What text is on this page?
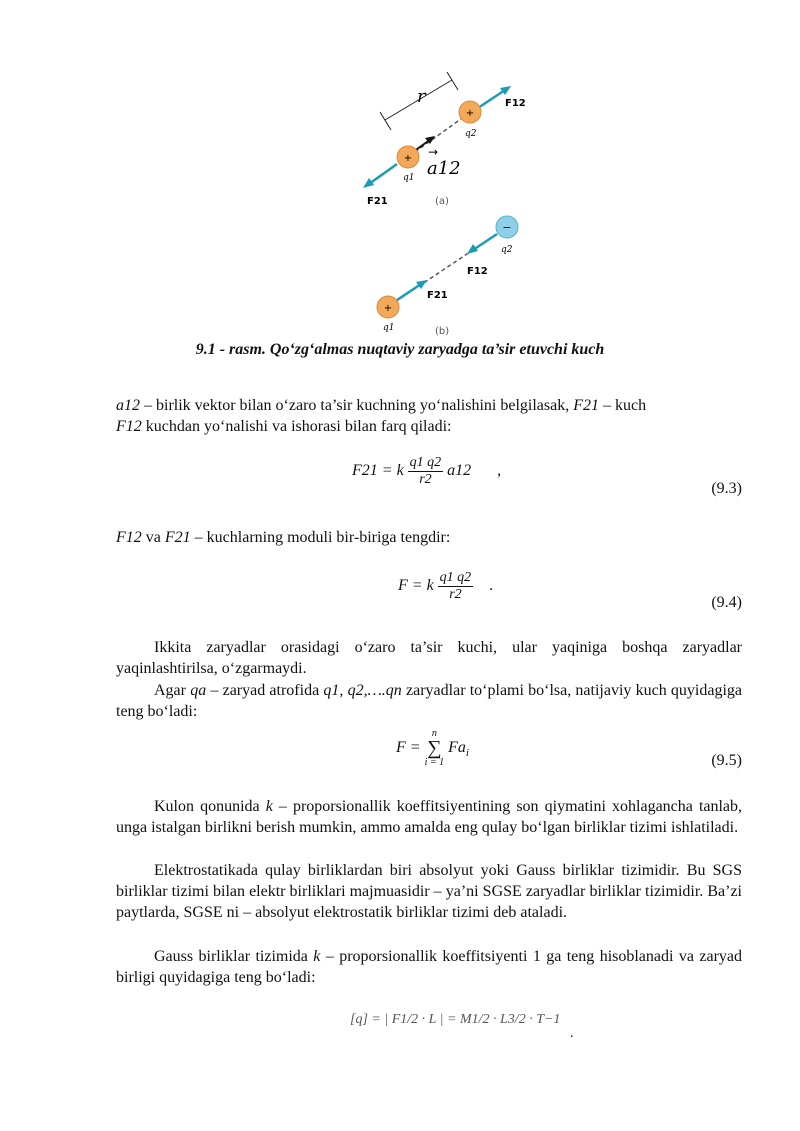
r	F12
F21
+
q2
+
q1 a12
→
(a)
F21
F12
−
q2
+
q1	(b)
9.1 - rasm. Qo‘zg‘almas nuqtaviy zaryadga ta’sir etuvchi kuch
a12 – birlik vektor bilan o‘zaro ta’sir kuchning yo‘nalishini belgilasak, F21 – kuch
F12 kuchdan yo‘nalishi va ishorasi bilan farq qiladi:
F21 = k $\frac{q1 q2}{r2} a12$ ,
(9.3)
F12 va F21 – kuchlarning moduli bir-biriga tengdir:
F = k $\frac{q1 q2}{r2}$ .
(9.4)
Ikkita zaryadlar orasidagi o‘zaro ta’sir kuchi, ular yaqiniga boshqa zaryadlar yaqinlashtirilsa, o‘zgarmaydi.
Agar qa – zaryad atrofida q1, q2,….qn zaryadlar to‘plami bo‘lsa, natijaviy kuch quyidagiga teng bo‘ladi:
F =
n
∑
i = 1
$Fa_i$	(9.5)
Kulon qonunida k – proporsionallik koeffitsiyentining son qiymatini xohlagancha tanlab, unga istalgan birlikni berish mumkin, ammo amalda eng qulay bo‘lgan birliklar tizimi ishlatiladi.
Elektrostatikada qulay birliklardan biri absolyut yoki Gauss birliklar tizimidir. Bu SGS birliklar tizimi bilan elektr birliklari majmuasidir – ya’ni SGSE zaryadlar birliklar tizimidir. Ba’zi paytlarda, SGSE ni – absolyut elektrostatik birliklar tizimi deb ataladi.
Gauss birliklar tizimida k – proporsionallik koeffitsiyenti 1 ga teng hisoblanadi va zaryad birligi quyidagiga teng bo‘ladi:
[q] = | F1/2 · L | = M1/2 · L3/2 · T−1 .
